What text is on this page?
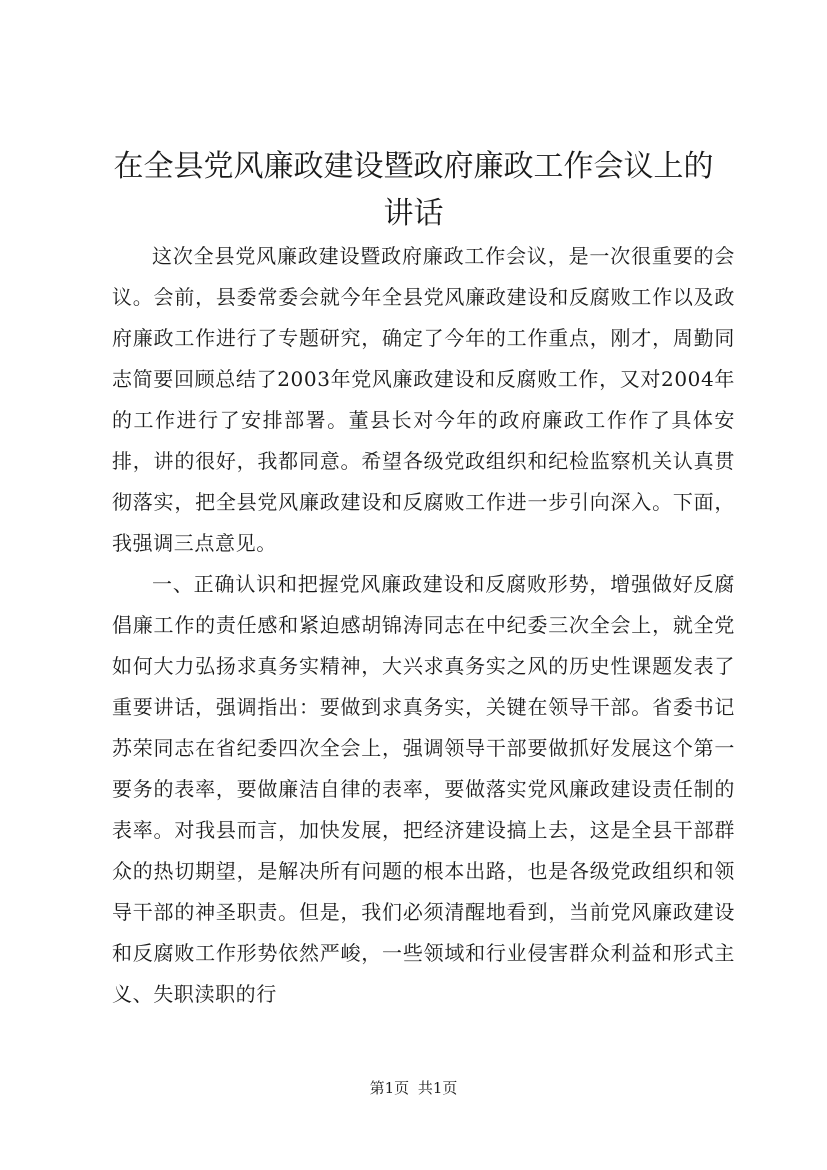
在全县党风廉政建设暨政府廉政工作会议上的
讲话

这次全县党风廉政建设暨政府廉政工作会议，是一次很重要的会议。会前，县委常委会就今年全县党风廉政建设和反腐败工作以及政府廉政工作进行了专题研究，确定了今年的工作重点，刚才，周勤同志简要回顾总结了2003年党风廉政建设和反腐败工作，又对2004年的工作进行了安排部署。董县长对今年的政府廉政工作作了具体安排，讲的很好，我都同意。希望各级党政组织和纪检监察机关认真贯彻落实，把全县党风廉政建设和反腐败工作进一步引向深入。下面，我强调三点意见。

一、正确认识和把握党风廉政建设和反腐败形势，增强做好反腐倡廉工作的责任感和紧迫感胡锦涛同志在中纪委三次全会上，就全党如何大力弘扬求真务实精神，大兴求真务实之风的历史性课题发表了重要讲话，强调指出：要做到求真务实，关键在领导干部。省委书记苏荣同志在省纪委四次全会上，强调领导干部要做抓好发展这个第一要务的表率，要做廉洁自律的表率，要做落实党风廉政建设责任制的表率。对我县而言，加快发展，把经济建设搞上去，这是全县干部群众的热切期望，是解决所有问题的根本出路，也是各级党政组织和领导干部的神圣职责。但是，我们必须清醒地看到，当前党风廉政建设和反腐败工作形势依然严峻，一些领域和行业侵害群众利益和形式主义、失职渎职的行

第1页 共1页
